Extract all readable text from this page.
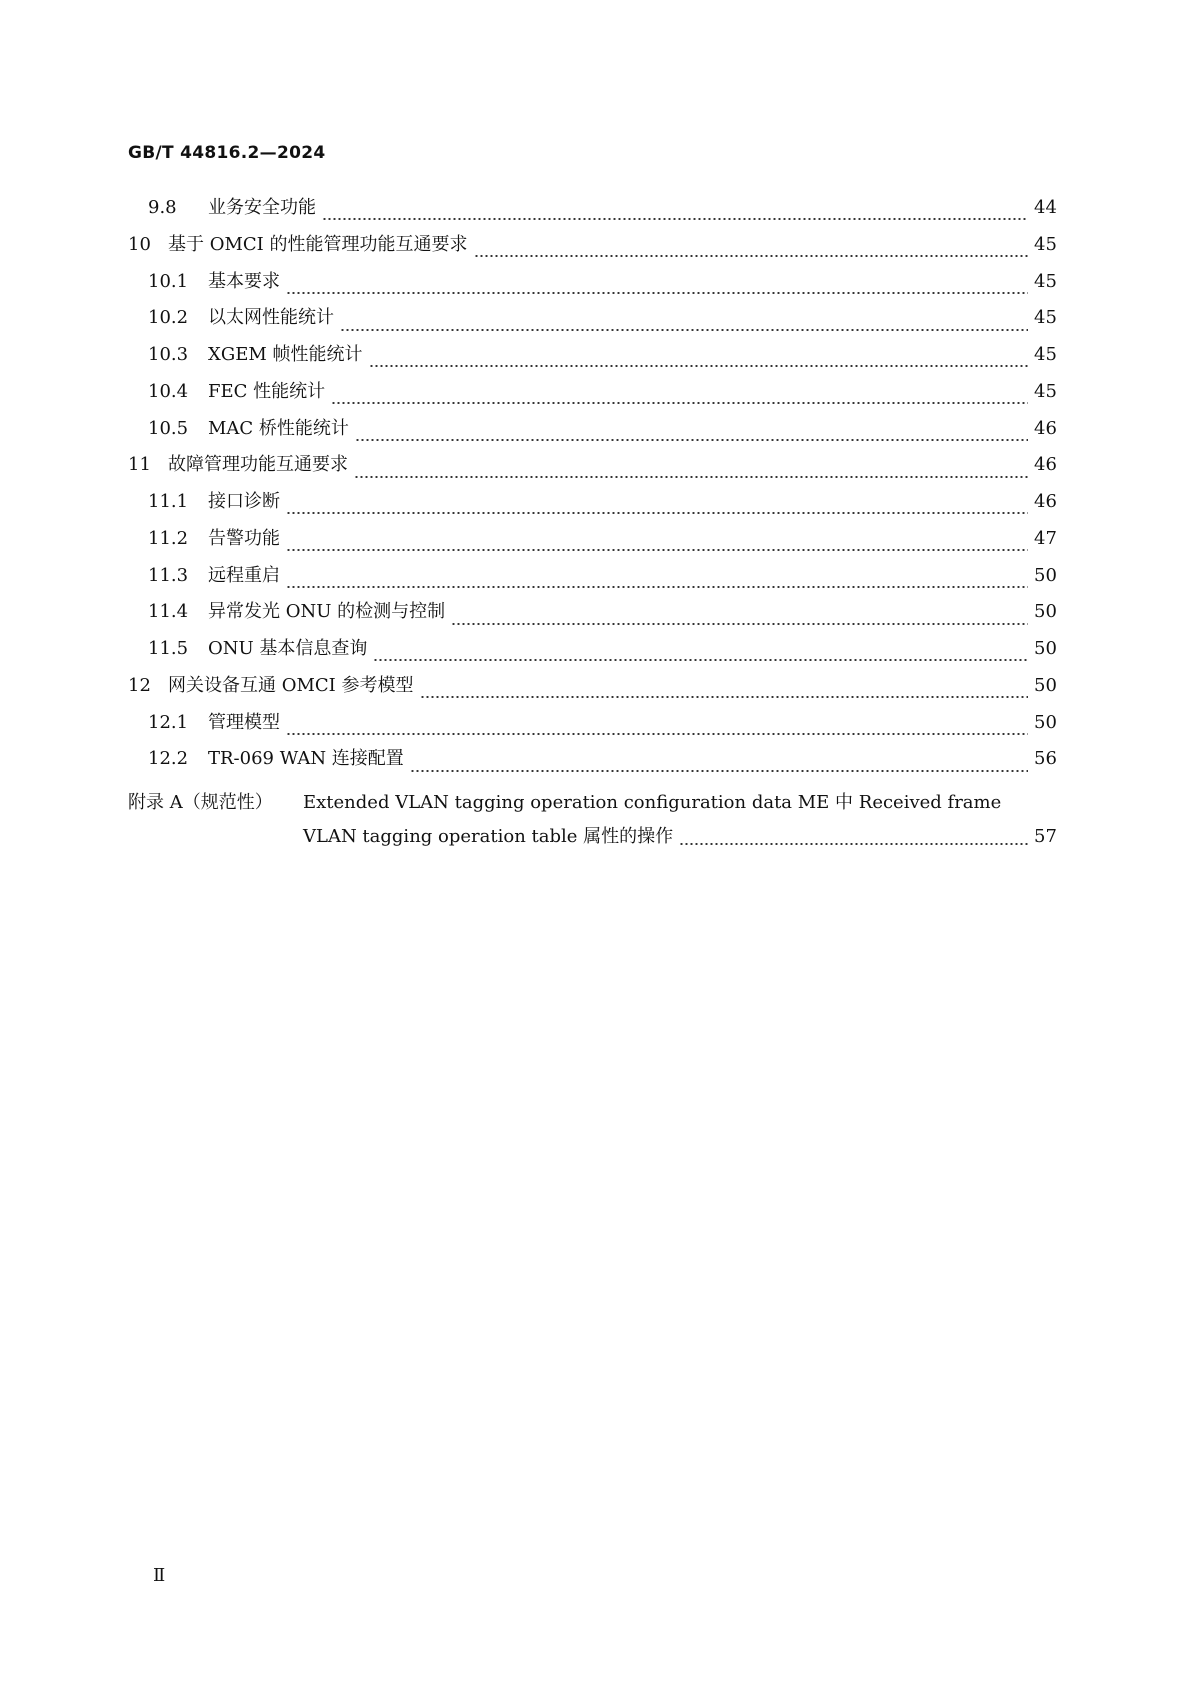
GB/T 44816.2—2024
9.8	业务安全功能	44
10 基于 OMCI 的性能管理功能互通要求	45
10.1	基本要求	45
10.2	以太网性能统计	45
10.3	XGEM 帧性能统计	45
10.4	FEC 性能统计	45
10.5	MAC 桥性能统计	46
11 故障管理功能互通要求	46
11.1	接口诊断	46
11.2	告警功能	47
11.3	远程重启	50
11.4	异常发光 ONU 的检测与控制	50
11.5	ONU 基本信息查询	50
12 网关设备互通 OMCI 参考模型	50
12.1	管理模型	50
12.2	TR-069 WAN 连接配置	56
附录 A（规范性） Extended VLAN tagging operation configuration data ME 中 Received frame
VLAN tagging operation table 属性的操作	57
Ⅱ
